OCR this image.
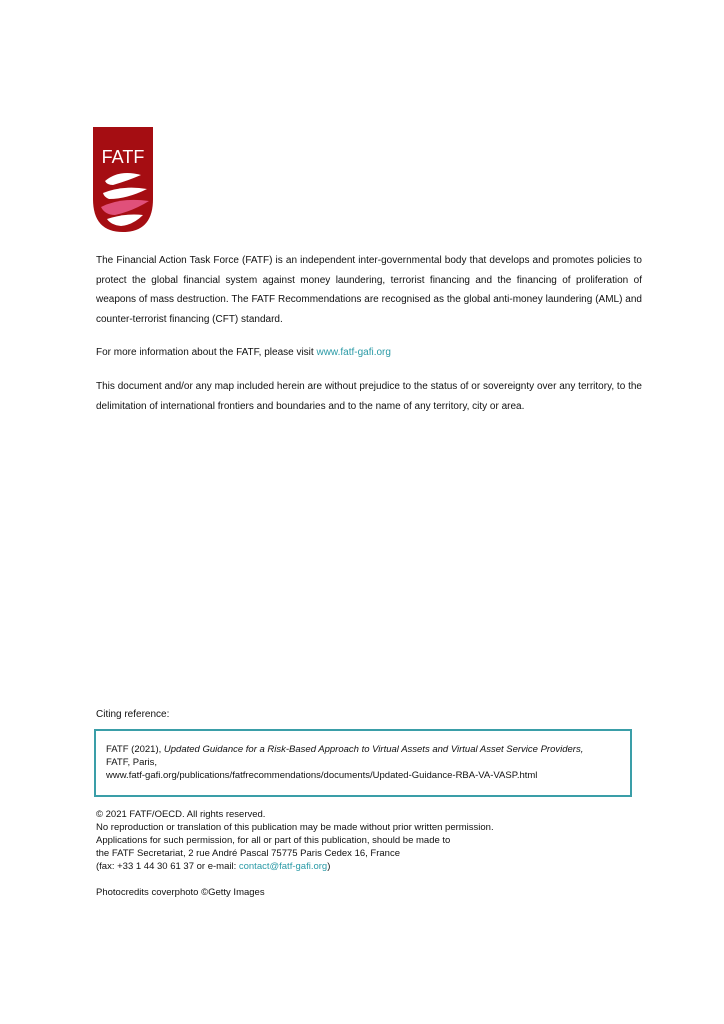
FATF

The Financial Action Task Force (FATF) is an independent inter-governmental body that develops and promotes policies to protect the global financial system against money laundering, terrorist financing and the financing of proliferation of weapons of mass destruction. The FATF Recommendations are recognised as the global anti-money laundering (AML) and counter-terrorist financing (CFT) standard.

For more information about the FATF, please visit www.fatf-gafi.org

This document and/or any map included herein are without prejudice to the status of or sovereignty over any territory, to the delimitation of international frontiers and boundaries and to the name of any territory, city or area.

Citing reference:
FATF (2021), Updated Guidance for a Risk-Based Approach to Virtual Assets and Virtual Asset Service Providers,
FATF, Paris,
www.fatf-gafi.org/publications/fatfrecommendations/documents/Updated-Guidance-RBA-VA-VASP.html
© 2021 FATF/OECD. All rights reserved.
No reproduction or translation of this publication may be made without prior written permission.
Applications for such permission, for all or part of this publication, should be made to
the FATF Secretariat, 2 rue André Pascal 75775 Paris Cedex 16, France
(fax: +33 1 44 30 61 37 or e-mail: contact@fatf-gafi.org)
Photocredits coverphoto ©Getty Images
